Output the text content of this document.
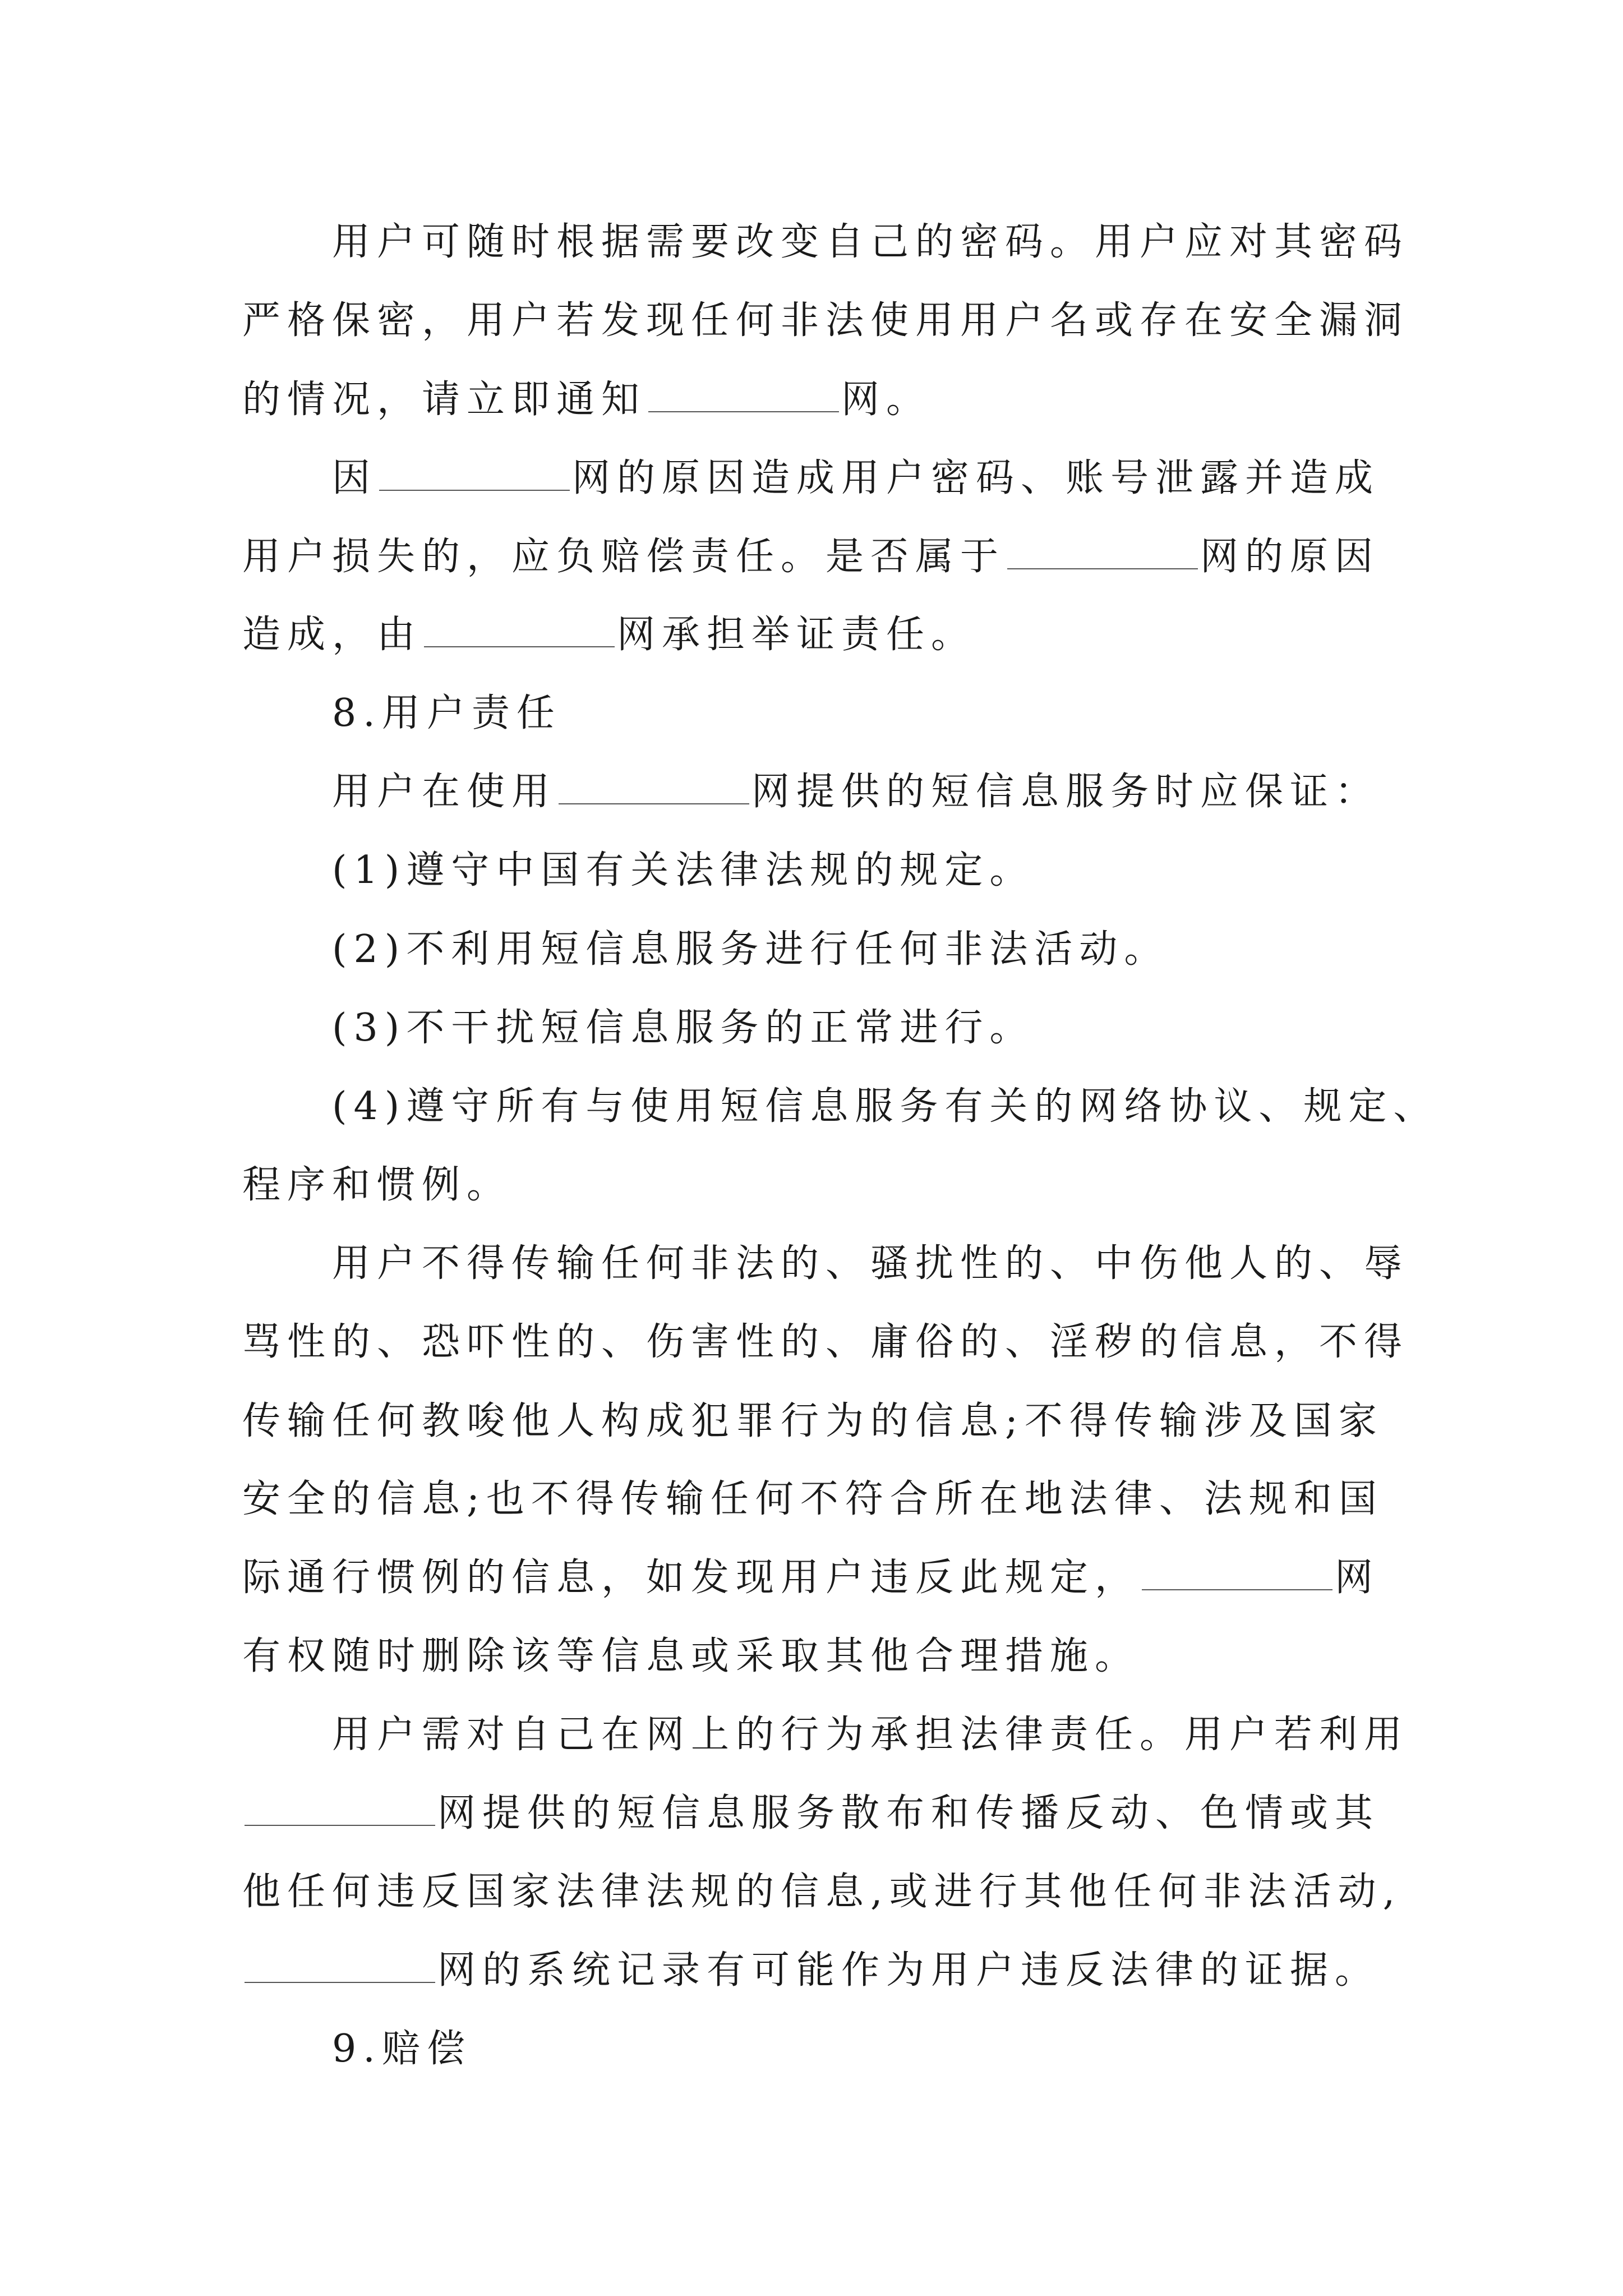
用户可随时根据需要改变自己的密码。用户应对其密码
严格保密，用户若发现任何非法使用用户名或存在安全漏洞
的情况，请立即通知	网。
因	网的原因造成用户密码、账号泄露并造成
用户损失的，应负赔偿责任。是否属于	网的原因
造成，由	网承担举证责任。
8.用户责任
用户在使用	网提供的短信息服务时应保证：
(1)遵守中国有关法律法规的规定。
(2)不利用短信息服务进行任何非法活动。
(3)不干扰短信息服务的正常进行。
(4)遵守所有与使用短信息服务有关的网络协议、规定、
程序和惯例。
用户不得传输任何非法的、骚扰性的、中伤他人的、辱
骂性的、恐吓性的、伤害性的、庸俗的、淫秽的信息，不得
传输任何教唆他人构成犯罪行为的信息;不得传输涉及国家
安全的信息;也不得传输任何不符合所在地法律、法规和国
际通行惯例的信息，如发现用户违反此规定，	网
有权随时删除该等信息或采取其他合理措施。
用户需对自己在网上的行为承担法律责任。用户若利用
网提供的短信息服务散布和传播反动、色情或其
他任何违反国家法律法规的信息,或进行其他任何非法活动,
网的系统记录有可能作为用户违反法律的证据。
9.赔偿
